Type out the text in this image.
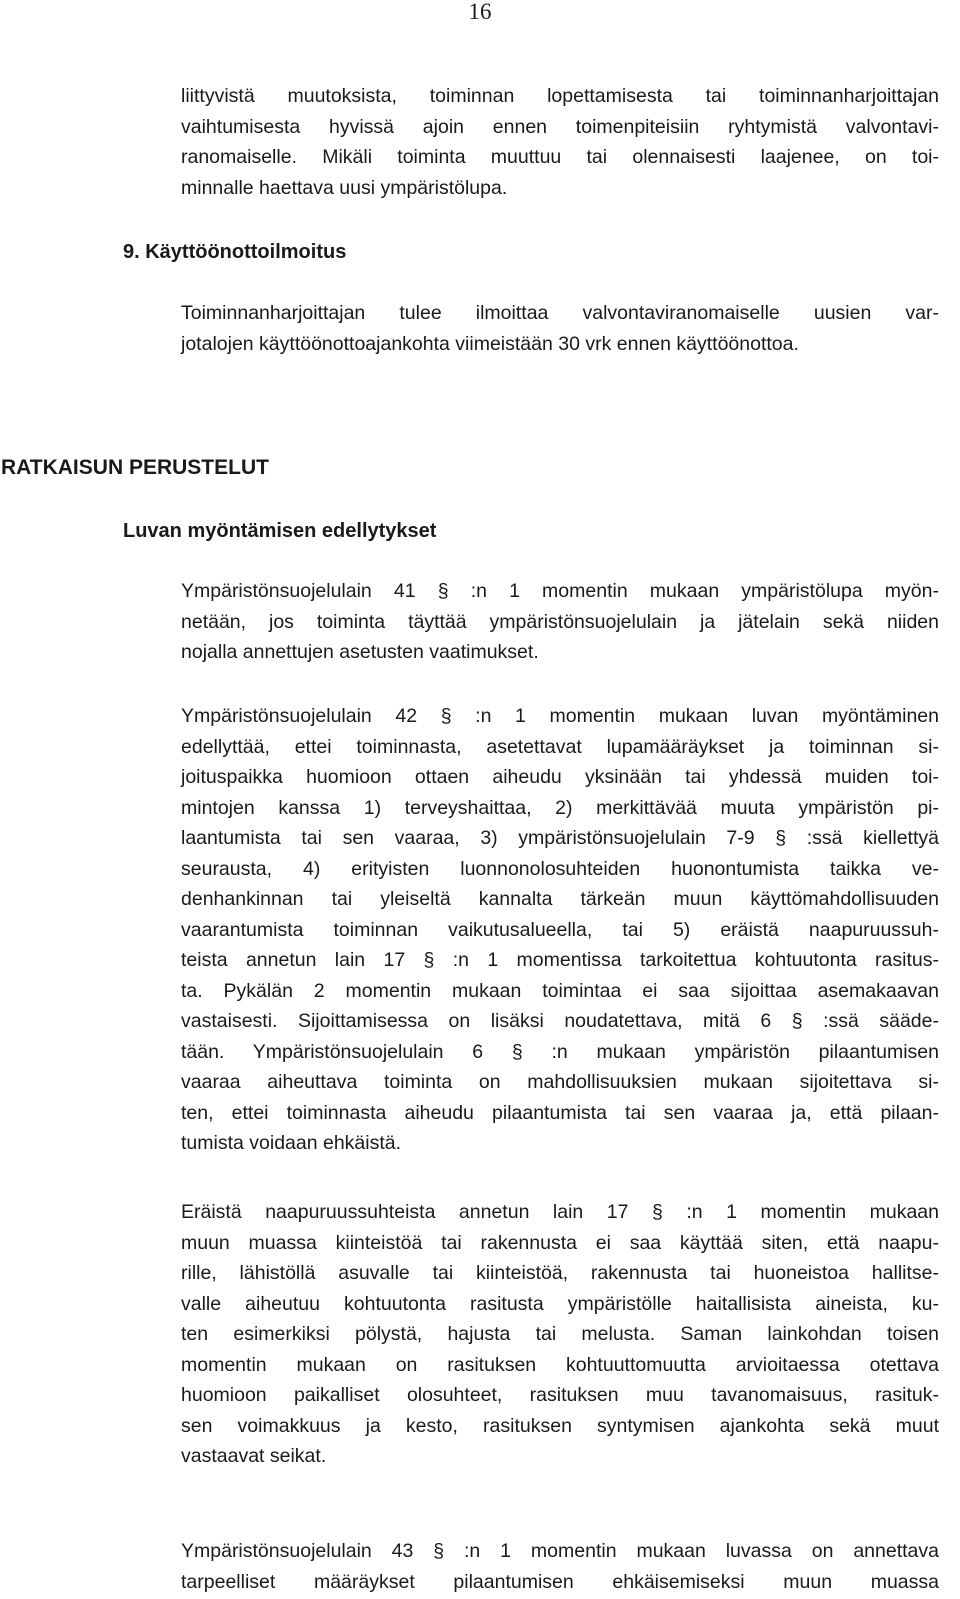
16

liittyvistä muutoksista, toiminnan lopettamisesta tai toiminnanharjoittajan
vaihtumisesta hyvissä ajoin ennen toimenpiteisiin ryhtymistä valvontavi-
ranomaiselle. Mikäli toiminta muuttuu tai olennaisesti laajenee, on toi-
minnalle haettava uusi ympäristölupa.

9. Käyttöönottoilmoitus

Toiminnanharjoittajan tulee ilmoittaa valvontaviranomaiselle uusien var-
jotalojen käyttöönottoajankohta viimeistään 30 vrk ennen käyttöönottoa.

RATKAISUN PERUSTELUT
Luvan myöntämisen edellytykset

Ympäristönsuojelulain 41 § :n 1 momentin mukaan ympäristölupa myön-
netään, jos toiminta täyttää ympäristönsuojelulain ja jätelain sekä niiden
nojalla annettujen asetusten vaatimukset.

Ympäristönsuojelulain 42 § :n 1 momentin mukaan luvan myöntäminen
edellyttää, ettei toiminnasta, asetettavat lupamääräykset ja toiminnan si-
joituspaikka huomioon ottaen aiheudu yksinään tai yhdessä muiden toi-
mintojen kanssa 1) terveyshaittaa, 2) merkittävää muuta ympäristön pi-
laantumista tai sen vaaraa, 3) ympäristönsuojelulain 7-9 § :ssä kiellettyä
seurausta, 4) erityisten luonnonolosuhteiden huonontumista taikka ve-
denhankinnan tai yleiseltä kannalta tärkeän muun käyttömahdollisuuden
vaarantumista toiminnan vaikutusalueella, tai 5) eräistä naapuruussuh-
teista annetun lain 17 § :n 1 momentissa tarkoitettua kohtuutonta rasitus-
ta. Pykälän 2 momentin mukaan toimintaa ei saa sijoittaa asemakaavan
vastaisesti. Sijoittamisessa on lisäksi noudatettava, mitä 6 § :ssä sääde-
tään. Ympäristönsuojelulain 6 § :n mukaan ympäristön pilaantumisen
vaaraa aiheuttava toiminta on mahdollisuuksien mukaan sijoitettava si-
ten, ettei toiminnasta aiheudu pilaantumista tai sen vaaraa ja, että pilaan-
tumista voidaan ehkäistä.

Eräistä naapuruussuhteista annetun lain 17 § :n 1 momentin mukaan
muun muassa kiinteistöä tai rakennusta ei saa käyttää siten, että naapu-
rille, lähistöllä asuvalle tai kiinteistöä, rakennusta tai huoneistoa hallitse-
valle aiheutuu kohtuutonta rasitusta ympäristölle haitallisista aineista, ku-
ten esimerkiksi pölystä, hajusta tai melusta. Saman lainkohdan toisen
momentin mukaan on rasituksen kohtuuttomuutta arvioitaessa otettava
huomioon paikalliset olosuhteet, rasituksen muu tavanomaisuus, rasituk-
sen voimakkuus ja kesto, rasituksen syntymisen ajankohta sekä muut
vastaavat seikat.

Ympäristönsuojelulain 43 § :n 1 momentin mukaan luvassa on annettava
tarpeelliset määräykset pilaantumisen ehkäisemiseksi muun muassa
